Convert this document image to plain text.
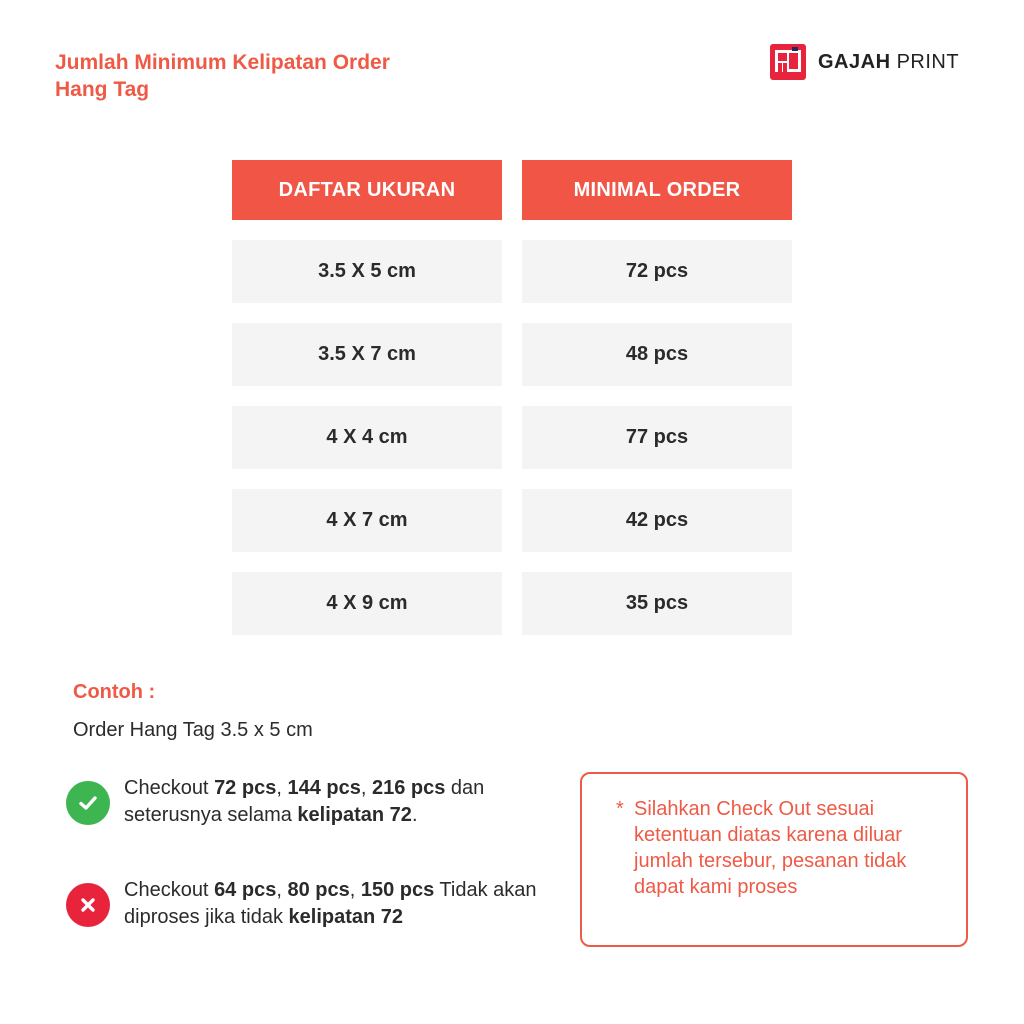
Jumlah Minimum Kelipatan Order
Hang Tag
GAJAH PRINT
DAFTAR UKURAN	MINIMAL ORDER
3.5 X 5 cm	72 pcs
3.5 X 7 cm	48 pcs
4 X 4 cm	77 pcs
4 X 7 cm	42 pcs
4 X 9 cm	35 pcs
Contoh :
Order Hang Tag 3.5 x 5 cm
Checkout 72 pcs, 144 pcs, 216 pcs dan seterusnya selama kelipatan 72.
Checkout 64 pcs, 80 pcs, 150 pcs Tidak akan diproses jika tidak kelipatan 72
* Silahkan Check Out sesuai ketentuan diatas karena diluar jumlah tersebur, pesanan tidak dapat kami proses
